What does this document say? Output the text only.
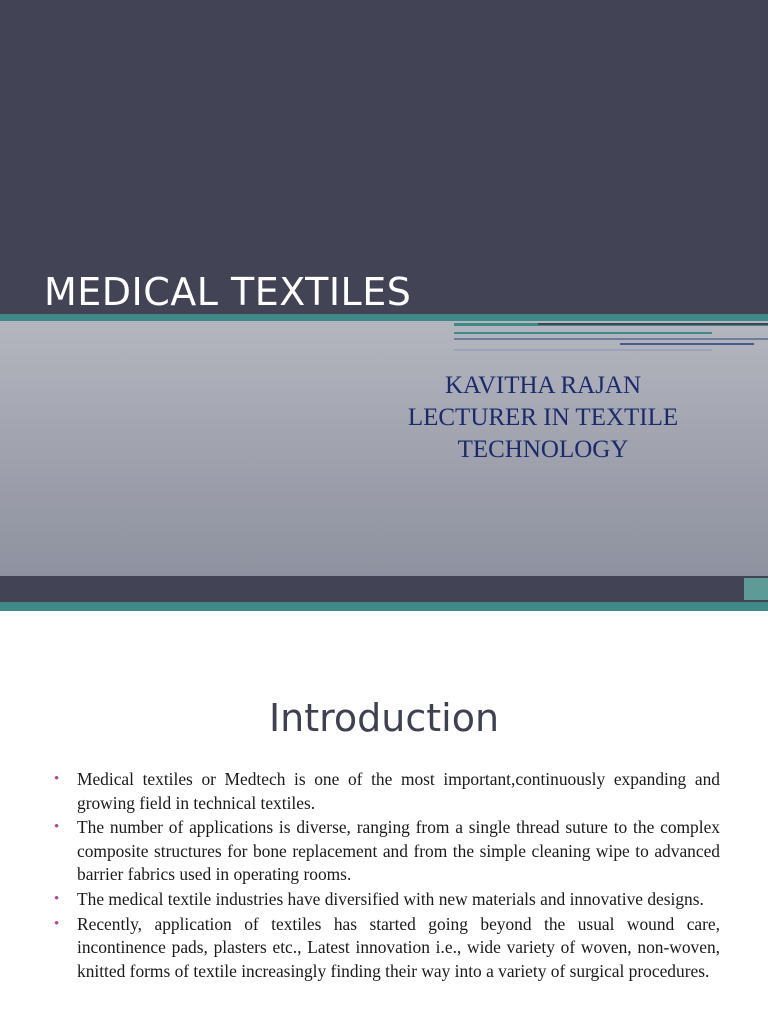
MEDICAL TEXTILES
KAVITHA RAJAN
LECTURER IN TEXTILE
TECHNOLOGY
Introduction
• Medical textiles or Medtech is one of the most important,continuously expanding and growing field in technical textiles.
• The number of applications is diverse, ranging from a single thread suture to the complex composite structures for bone replacement and from the simple cleaning wipe to advanced barrier fabrics used in operating rooms.
• The medical textile industries have diversified with new materials and innovative designs.
• Recently, application of textiles has started going beyond the usual wound care, incontinence pads, plasters etc., Latest innovation i.e., wide variety of woven, non-woven, knitted forms of textile increasingly finding their way into a variety of surgical procedures.
